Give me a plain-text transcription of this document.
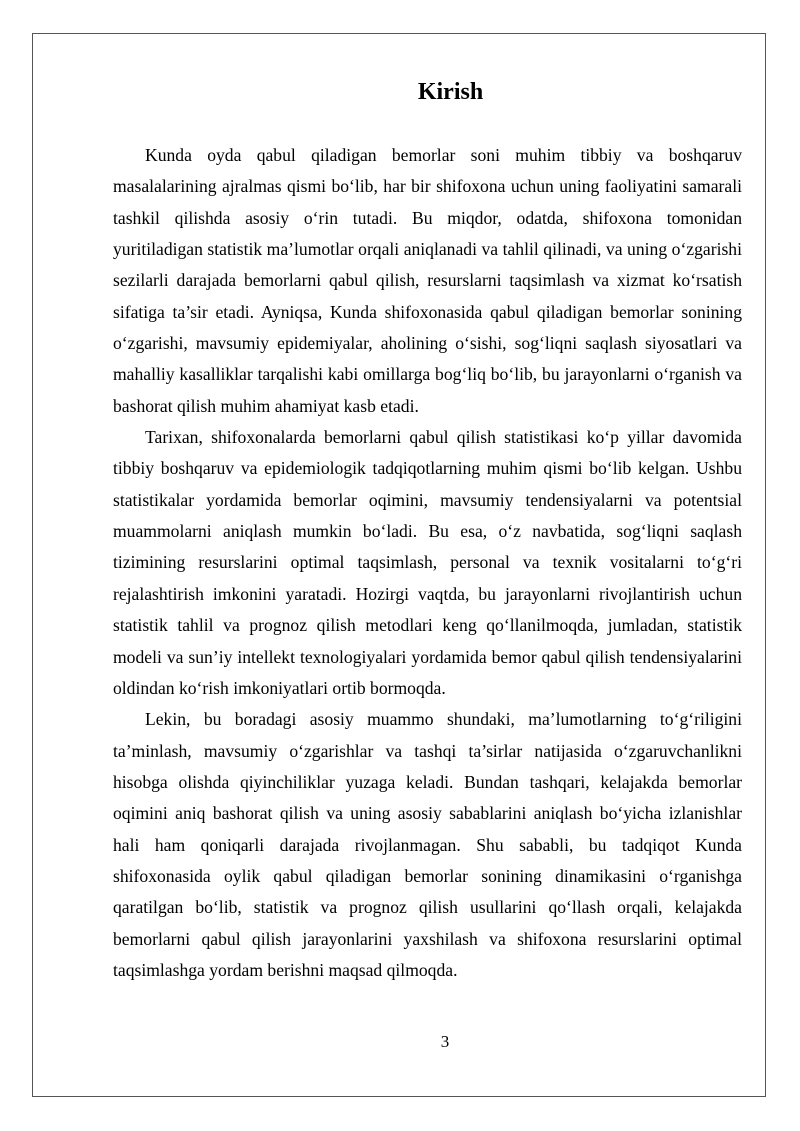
Kirish

Kunda oyda qabul qiladigan bemorlar soni muhim tibbiy va boshqaruv masalalarining ajralmas qismi bo‘lib, har bir shifoxona uchun uning faoliyatini samarali tashkil qilishda asosiy o‘rin tutadi. Bu miqdor, odatda, shifoxona tomonidan yuritiladigan statistik ma’lumotlar orqali aniqlanadi va tahlil qilinadi, va uning o‘zgarishi sezilarli darajada bemorlarni qabul qilish, resurslarni taqsimlash va xizmat ko‘rsatish sifatiga ta’sir etadi. Ayniqsa, Kunda shifoxonasida qabul qiladigan bemorlar sonining o‘zgarishi, mavsumiy epidemiyalar, aholining o‘sishi, sog‘liqni saqlash siyosatlari va mahalliy kasalliklar tarqalishi kabi omillarga bog‘liq bo‘lib, bu jarayonlarni o‘rganish va bashorat qilish muhim ahamiyat kasb etadi.

Tarixan, shifoxonalarda bemorlarni qabul qilish statistikasi ko‘p yillar davomida tibbiy boshqaruv va epidemiologik tadqiqotlarning muhim qismi bo‘lib kelgan. Ushbu statistikalar yordamida bemorlar oqimini, mavsumiy tendensiyalarni va potentsial muammolarni aniqlash mumkin bo‘ladi. Bu esa, o‘z navbatida, sog‘liqni saqlash tizimining resurslarini optimal taqsimlash, personal va texnik vositalarni to‘g‘ri rejalashtirish imkonini yaratadi. Hozirgi vaqtda, bu jarayonlarni rivojlantirish uchun statistik tahlil va prognoz qilish metodlari keng qo‘llanilmoqda, jumladan, statistik modeli va sun’iy intellekt texnologiyalari yordamida bemor qabul qilish tendensiyalarini oldindan ko‘rish imkoniyatlari ortib bormoqda.

Lekin, bu boradagi asosiy muammo shundaki, ma’lumotlarning to‘g‘riligini ta’minlash, mavsumiy o‘zgarishlar va tashqi ta’sirlar natijasida o‘zgaruvchanlikni hisobga olishda qiyinchiliklar yuzaga keladi. Bundan tashqari, kelajakda bemorlar oqimini aniq bashorat qilish va uning asosiy sabablarini aniqlash bo‘yicha izlanishlar hali ham qoniqarli darajada rivojlanmagan. Shu sababli, bu tadqiqot Kunda shifoxonasida oylik qabul qiladigan bemorlar sonining dinamikasini o‘rganishga qaratilgan bo‘lib, statistik va prognoz qilish usullarini qo‘llash orqali, kelajakda bemorlarni qabul qilish jarayonlarini yaxshilash va shifoxona resurslarini optimal taqsimlashga yordam berishni maqsad qilmoqda.

3
